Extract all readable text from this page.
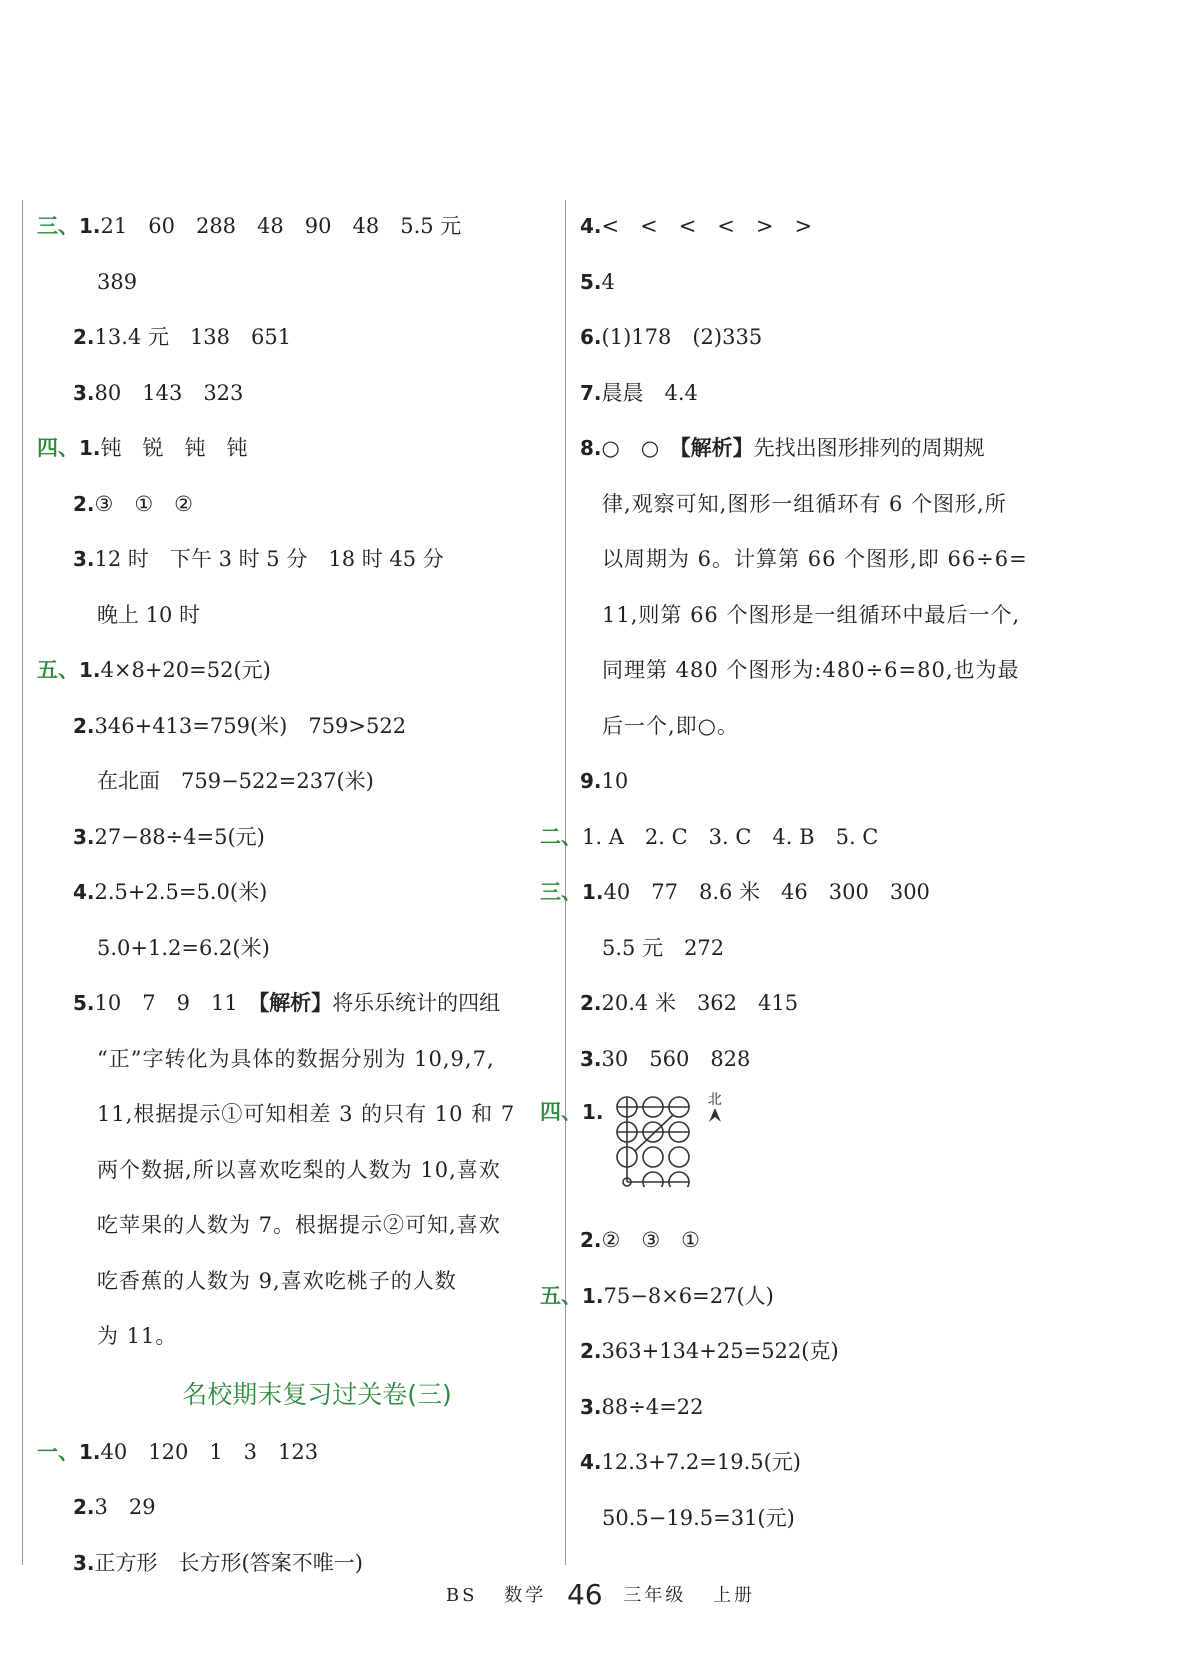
三、1.21　60　288　48　90　48　5.5 元
389
2.13.4 元　138　651
3.80　143　323
四、1.钝　锐　钝　钝
2.③　①　②
3.12 时　下午 3 时 5 分　18 时 45 分
晚上 10 时
五、1.4×8+20=52(元)
2.346+413=759(米)　759>522
在北面　759−522=237(米)
3.27−88÷4=5(元)
4.2.5+2.5=5.0(米)
5.0+1.2=6.2(米)
5.10　7　9　11　【解析】将乐乐统计的四组
“正”字转化为具体的数据分别为 10,9,7,
11,根据提示①可知相差 3 的只有 10 和 7
两个数据,所以喜欢吃梨的人数为 10,喜欢
吃苹果的人数为 7。根据提示②可知,喜欢
吃香蕉的人数为 9,喜欢吃桃子的人数
为 11。
名校期末复习过关卷(三)
一、1.40　120　1　3　123
2.3　29
3.正方形　长方形(答案不唯一)
4.<　<　<　<　>　>
5.4
6.(1)178　(2)335
7.晨晨　4.4
8.○　○　【解析】先找出图形排列的周期规
律,观察可知,图形一组循环有 6 个图形,所
以周期为 6。计算第 66 个图形,即 66÷6=
11,则第 66 个图形是一组循环中最后一个,
同理第 480 个图形为:480÷6=80,也为最
后一个,即○。
9.10
二、1. A　2. C　3. C　4. B　5. C
三、1.40　77　8.6 米　46　300　300
5.5 元　272
2.20.4 米　362　415
3.30　560　828
四、1.	北

2.②　③　①
五、1.75−8×6=27(人)
2.363+134+25=522(克)
3.88÷4=22
4.12.3+7.2=19.5(元)
50.5−19.5=31(元)
BS 数学 46 三年级 上册
